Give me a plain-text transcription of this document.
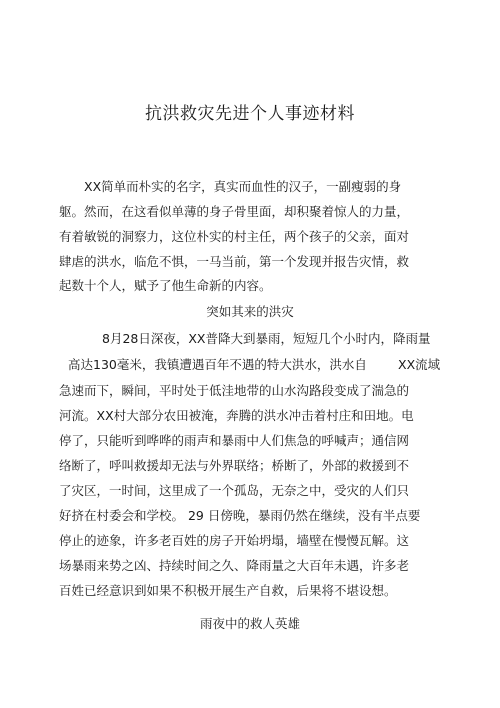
抗洪救灾先进个人事迹材料
XX简单而朴实的名字，真实而血性的汉子，一副瘦弱的身
躯。然而，在这看似单薄的身子骨里面，却积聚着惊人的力量，
有着敏锐的洞察力，这位朴实的村主任，两个孩子的父亲，面对
肆虐的洪水，临危不惧，一马当前，第一个发现并报告灾情，救
起数十个人，赋予了他生命新的内容。
突如其来的洪灾
8月28日深夜，XX普降大到暴雨，短短几个小时内，降雨量
高达130毫米，我镇遭遇百年不遇的特大洪水，洪水自 XX流域
急速而下，瞬间，平时处于低洼地带的山水沟路段变成了湍急的
河流。XX村大部分农田被淹，奔腾的洪水冲击着村庄和田地。电
停了，只能听到哗哗的雨声和暴雨中人们焦急的呼喊声；通信网
络断了，呼叫救援却无法与外界联络；桥断了，外部的救援到不
了灾区，一时间，这里成了一个孤岛，无奈之中，受灾的人们只
好挤在村委会和学校。 29 日傍晚，暴雨仍然在继续，没有半点要
停止的迹象，许多老百姓的房子开始坍塌，墙壁在慢慢瓦解。这
场暴雨来势之凶、持续时间之久、降雨量之大百年未遇，许多老
百姓已经意识到如果不积极开展生产自救，后果将不堪设想。
雨夜中的救人英雄
